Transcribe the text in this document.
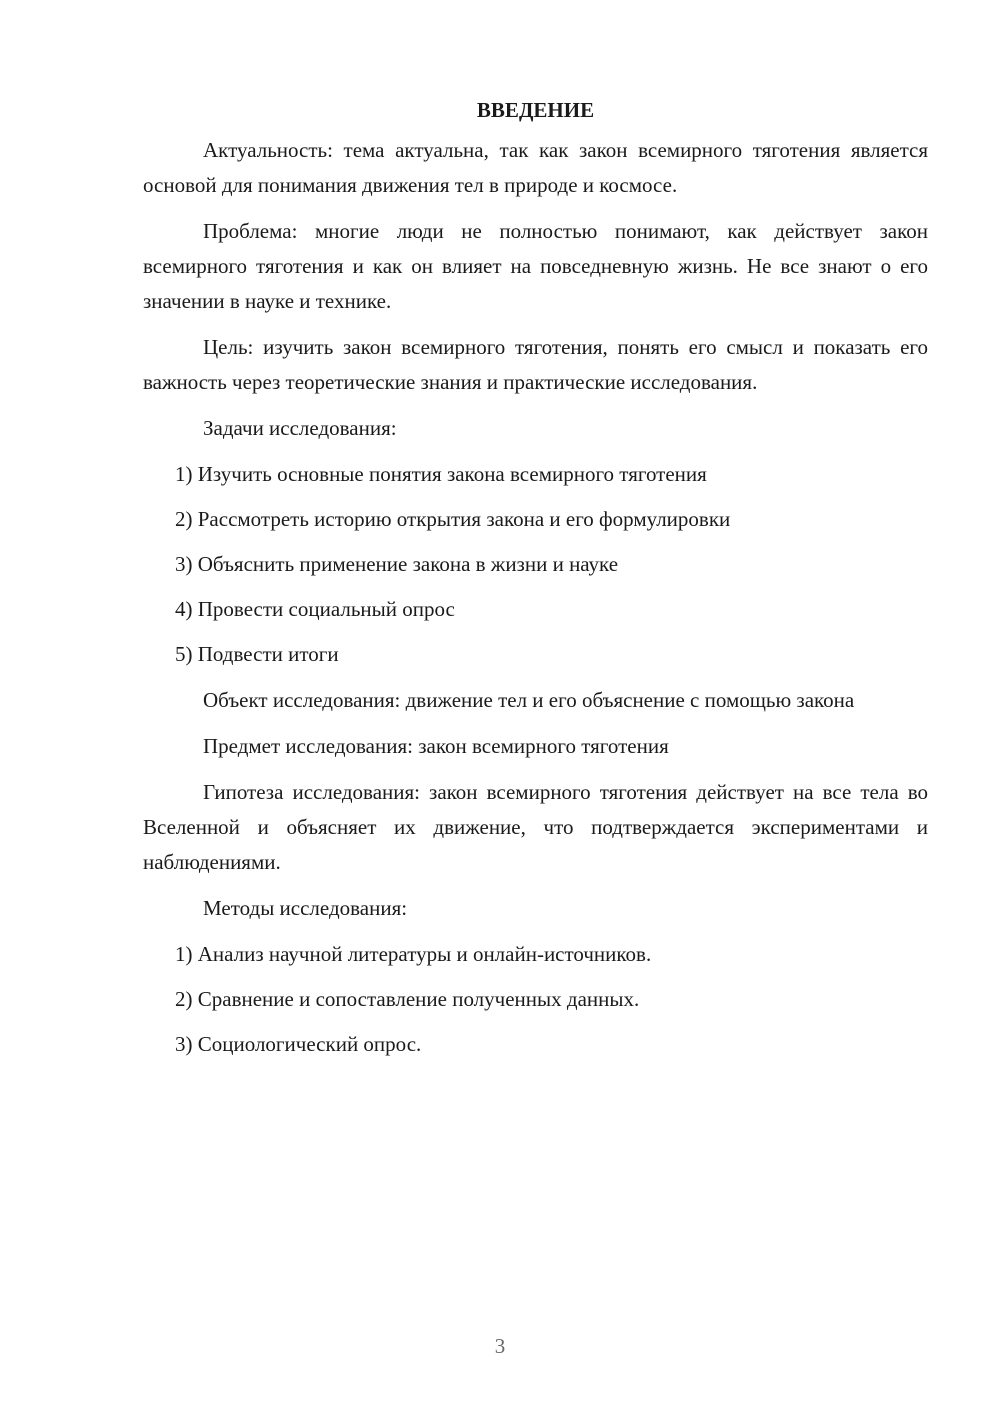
ВВЕДЕНИЕ

Актуальность: тема актуальна, так как закон всемирного тяготения является основой для понимания движения тел в природе и космосе.

Проблема: многие люди не полностью понимают, как действует закон всемирного тяготения и как он влияет на повседневную жизнь. Не все знают о его значении в науке и технике.

Цель: изучить закон всемирного тяготения, понять его смысл и показать его важность через теоретические знания и практические исследования.

Задачи исследования:

1) Изучить основные понятия закона всемирного тяготения

2) Рассмотреть историю открытия закона и его формулировки

3) Объяснить применение закона в жизни и науке

4) Провести социальный опрос

5) Подвести итоги

Объект исследования: движение тел и его объяснение с помощью закона

Предмет исследования: закон всемирного тяготения

Гипотеза исследования: закон всемирного тяготения действует на все тела во Вселенной и объясняет их движение, что подтверждается экспериментами и наблюдениями.

Методы исследования:

1) Анализ научной литературы и онлайн-источников.

2) Сравнение и сопоставление полученных данных.

3) Социологический опрос.

3
